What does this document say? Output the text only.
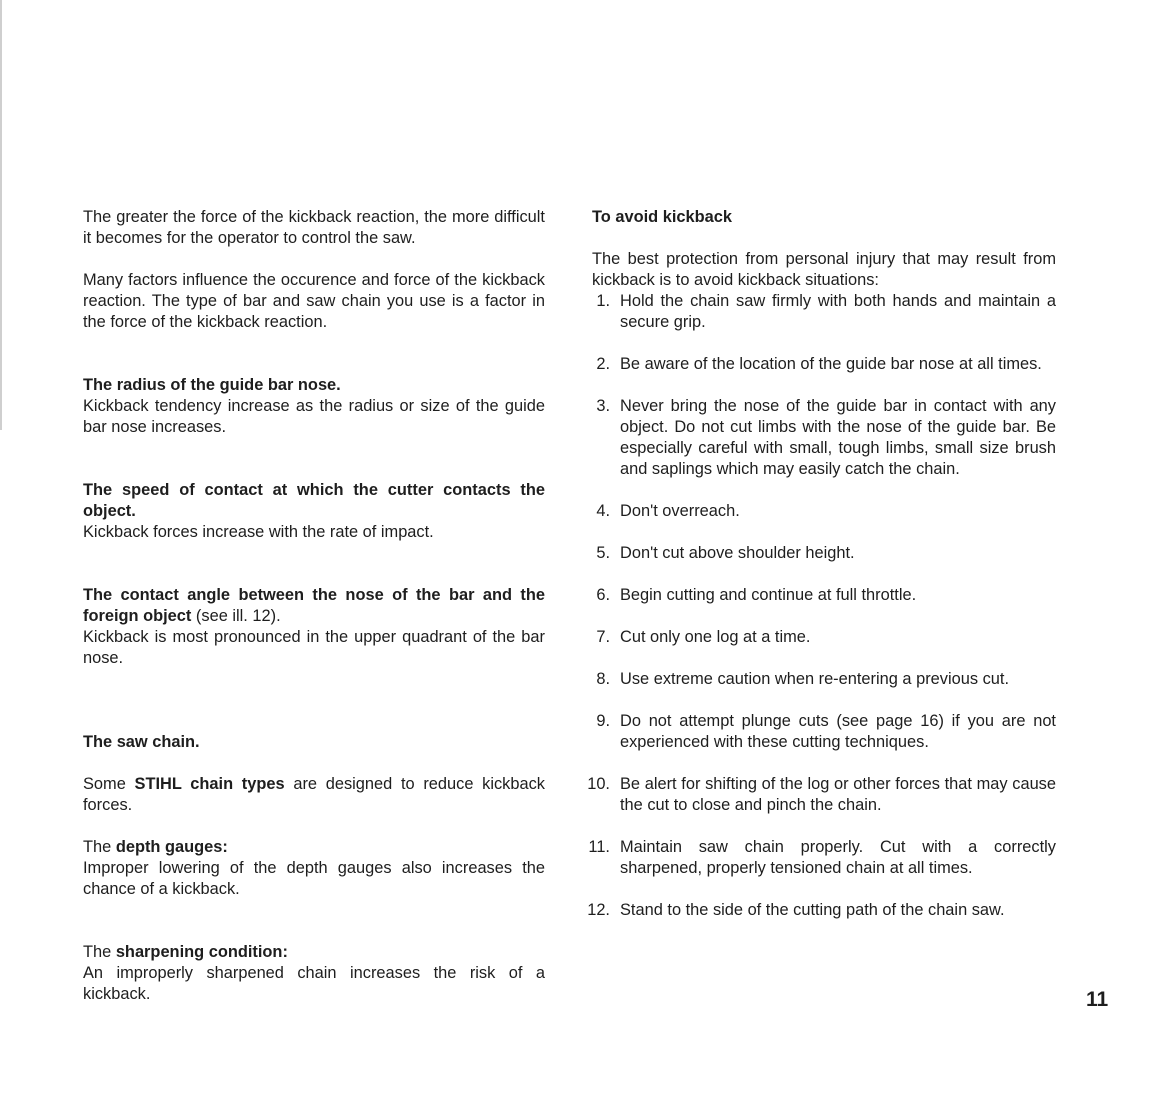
The greater the force of the kickback reaction, the more difficult it becomes for the operator to control the saw.

Many factors influence the occurence and force of the kickback reaction. The type of bar and saw chain you use is a factor in the force of the kickback reaction.

The radius of the guide bar nose.

Kickback tendency increase as the radius or size of the guide bar nose increases.

The speed of contact at which the cutter contacts the object.

Kickback forces increase with the rate of impact.

The contact angle between the nose of the bar and the foreign object (see ill. 12).

Kickback is most pronounced in the upper quadrant of the bar nose.

The saw chain.

Some STIHL chain types are designed to reduce kickback forces.

The depth gauges:

Improper lowering of the depth gauges also increases the chance of a kickback.

The sharpening condition:

An improperly sharpened chain increases the risk of a kickback.

To avoid kickback

The best protection from personal injury that may result from kickback is to avoid kickback situations:

1. Hold the chain saw firmly with both hands and maintain a secure grip.
2. Be aware of the location of the guide bar nose at all times.
3. Never bring the nose of the guide bar in contact with any object. Do not cut limbs with the nose of the guide bar. Be especially careful with small, tough limbs, small size brush and saplings which may easily catch the chain.
4. Don't overreach.
5. Don't cut above shoulder height.
6. Begin cutting and continue at full throttle.
7. Cut only one log at a time.
8. Use extreme caution when re-entering a previous cut.
9. Do not attempt plunge cuts (see page 16) if you are not experienced with these cutting techniques.
10. Be alert for shifting of the log or other forces that may cause the cut to close and pinch the chain.
11. Maintain saw chain properly. Cut with a correctly sharpened, properly tensioned chain at all times.
12. Stand to the side of the cutting path of the chain saw.
11
